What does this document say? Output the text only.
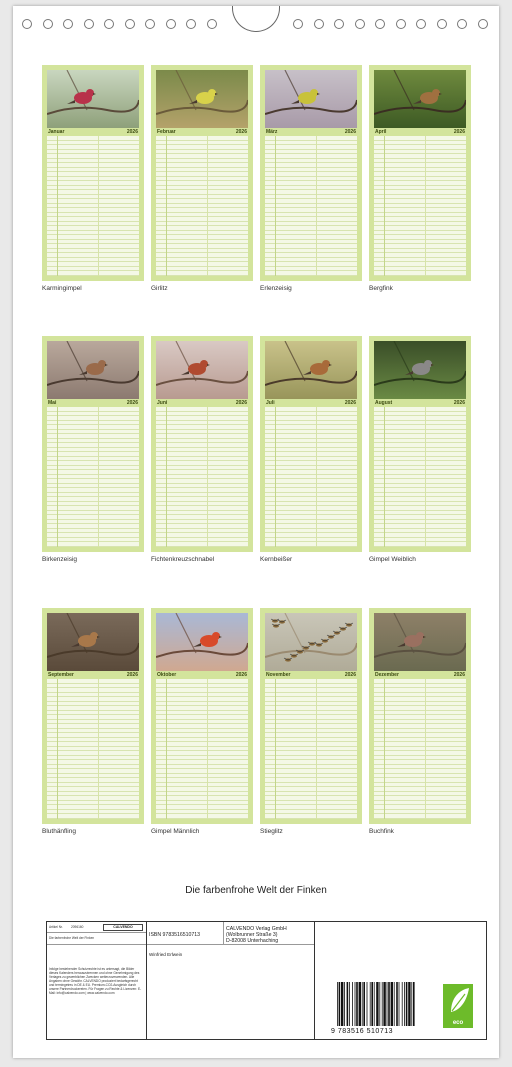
Januar	2026
Karmingimpel
Februar	2026
Girlitz
März	2026
Erlenzeisig
April	2026
Bergfink
Mai	2026
Birkenzeisig
Juni	2026
Fichtenkreuzschnabel
Juli	2026
Kernbeißer
August	2026
Gimpel Weiblich
September	2026
Bluthänfling
Oktober	2026
Gimpel Männlich
November	2026
Stieglitz
Dezember	2026
Buchfink
Die farbenfrohe Welt der Finken
Artikel Nr.	2096160	CALVENDO
Die farbenfrohe Welt der Finken
Infolge bestehender Schutzrechte ist es untersagt, die Bilder dieses Kalenders herauszutrennen und ohne Genehmigung des Verlages zu gewerblichen Zwecken weiterzuverwenden. Alle Angaben ohne Gewähr. CALVENDO produziert bedarfsgerecht und termingetreu in DE & EU. Premium-CO2-Ausgleich durch unsere Partnerdruckereien. Für Fragen zu Rechte & Lizenzen: E-Mail: info@calvendo.com | www.calvendo.com
ISBN 9783516510713
CALVENDO Verlag GmbH
(Wolbrunner Straße 3)
D-82008 Unterhaching
Winfried Erlwein
9 783516 510713
eco
